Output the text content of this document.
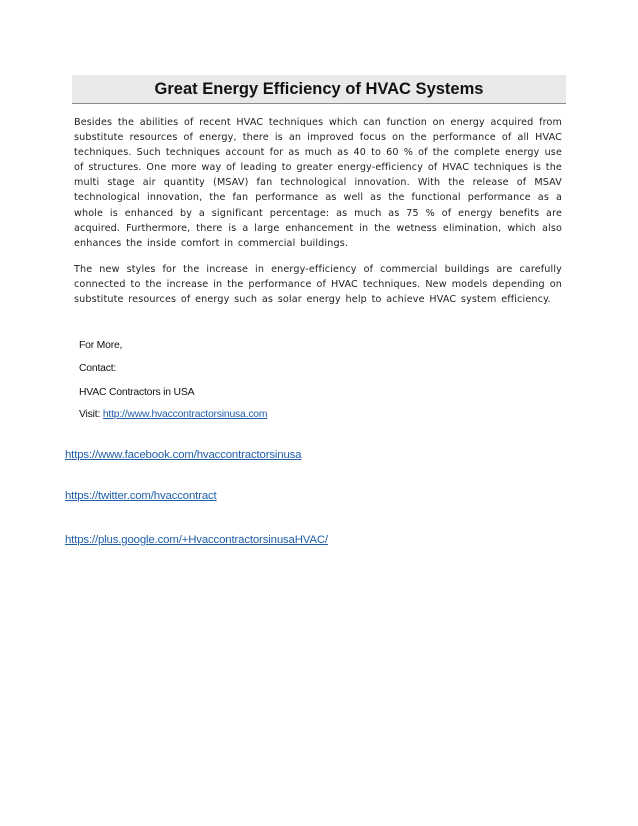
Great Energy Efficiency of HVAC Systems

Besides the abilities of recent HVAC techniques which can function on energy acquired from substitute resources of energy, there is an improved focus on the performance of all HVAC techniques. Such techniques account for as much as 40 to 60 % of the complete energy use of structures. One more way of leading to greater energy-efficiency of HVAC techniques is the multi stage air quantity (MSAV) fan technological innovation. With the release of MSAV technological innovation, the fan performance as well as the functional performance as a whole is enhanced by a significant percentage: as much as 75 % of energy benefits are acquired. Furthermore, there is a large enhancement in the wetness elimination, which also enhances the inside comfort in commercial buildings.

The new styles for the increase in energy-efficiency of commercial buildings are carefully connected to the increase in the performance of HVAC techniques. New models depending on substitute resources of energy such as solar energy help to achieve HVAC system efficiency.

For More,
Contact:
HVAC Contractors in USA
Visit: http://www.hvaccontractorsinusa.com
https://www.facebook.com/hvaccontractorsinusa
https://twitter.com/hvaccontract
https://plus.google.com/+HvaccontractorsinusaHVAC/
